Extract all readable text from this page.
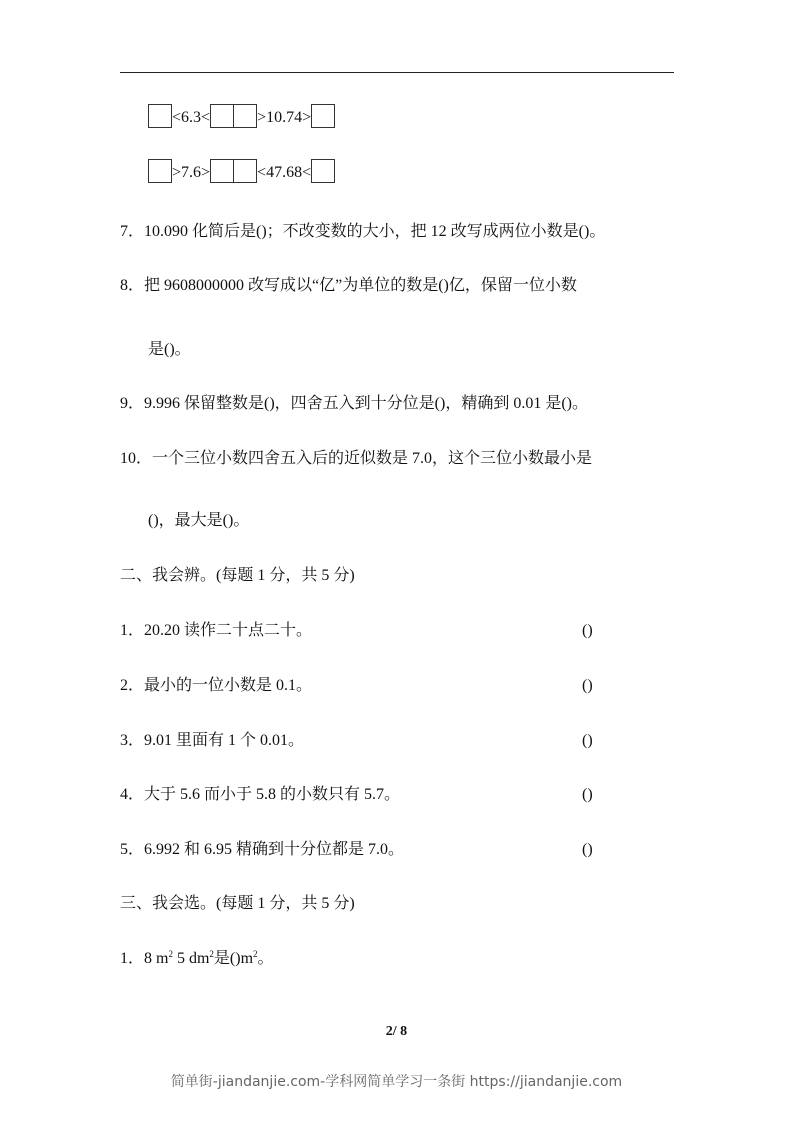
<6.3<	>10.74>
>7.6>	<47.68<
7．10.090 化简后是()；不改变数的大小，把 12 改写成两位小数是()。
8．把 9608000000 改写成以“亿”为单位的数是()亿，保留一位小数
是()。
9．9.996 保留整数是()，四舍五入到十分位是()，精确到 0.01 是()。
10．一个三位小数四舍五入后的近似数是 7.0，这个三位小数最小是
()，最大是()。
二、我会辨。(每题 1 分，共 5 分)
1．20.20 读作二十点二十。	()
2．最小的一位小数是 0.1。	()
3．9.01 里面有 1 个 0.01。	()
4．大于 5.6 而小于 5.8 的小数只有 5.7。	()
5．6.992 和 6.95 精确到十分位都是 7.0。	()
三、我会选。(每题 1 分，共 5 分)
1．8 $m^2$ 5 $dm^2$是$()m^2$。
2/ 8
简单街-jiandanjie.com-学科网简单学习一条街 https://jiandanjie.com
